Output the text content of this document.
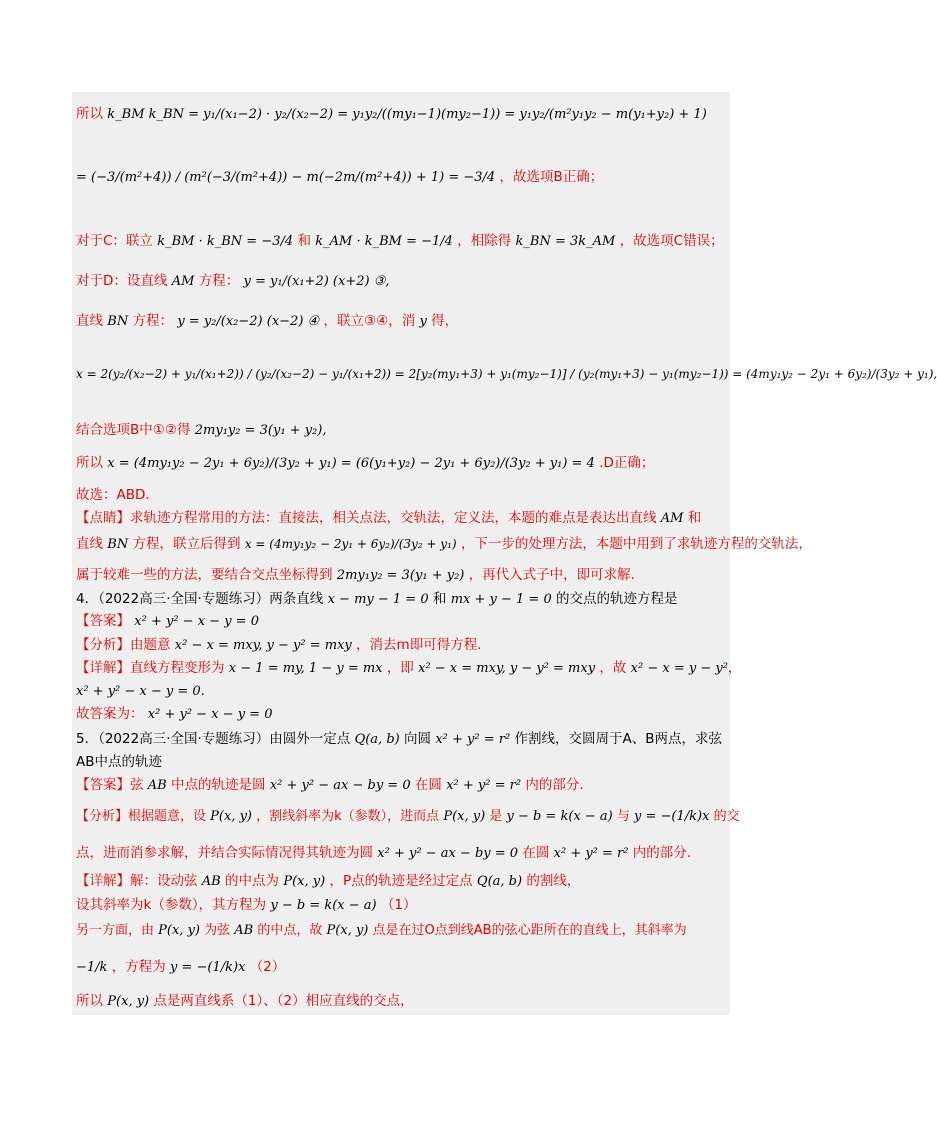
所以 k_BM k_BN = y₁/(x₁−2) · y₂/(x₂−2) = y₁y₂/((my₁−1)(my₂−1)) = y₁y₂/(m²y₁y₂ − m(y₁+y₂) + 1)
= (−3/(m²+4)) / (m²(−3/(m²+4)) − m(−2m/(m²+4)) + 1) = −3/4 ，故选项B正确；
对于C：联立 k_BM · k_BN = −3/4 和 k_AM · k_BM = −1/4 ，相除得 k_BN = 3k_AM ，故选项C错误；
对于D：设直线 AM 方程： y = y₁/(x₁+2) (x+2) ③,
直线 BN 方程： y = y₂/(x₂−2) (x−2) ④ ，联立③④，消 y 得，
x = 2(y₂/(x₂−2) + y₁/(x₁+2)) / (y₂/(x₂−2) − y₁/(x₁+2)) = 2[y₂(my₁+3) + y₁(my₂−1)] / (y₂(my₁+3) − y₁(my₂−1)) = (4my₁y₂ − 2y₁ + 6y₂)/(3y₂ + y₁),
结合选项B中①②得 2my₁y₂ = 3(y₁ + y₂),
所以 x = (4my₁y₂ − 2y₁ + 6y₂)/(3y₂ + y₁) = (6(y₁+y₂) − 2y₁ + 6y₂)/(3y₂ + y₁) = 4 .D正确；
故选：ABD.
【点睛】求轨迹方程常用的方法：直接法，相关点法，交轨法，定义法，本题的难点是表达出直线 AM 和
直线 BN 方程，联立后得到 x = (4my₁y₂ − 2y₁ + 6y₂)/(3y₂ + y₁) ，下一步的处理方法，本题中用到了求轨迹方程的交轨法，
属于较难一些的方法，要结合交点坐标得到 2my₁y₂ = 3(y₁ + y₂) ，再代入式子中，即可求解.
4．（2022高三·全国·专题练习）两条直线 x − my − 1 = 0 和 mx + y − 1 = 0 的交点的轨迹方程是
【答案】 x² + y² − x − y = 0
【分析】由题意 x² − x = mxy, y − y² = mxy ，消去m即可得方程.
【详解】直线方程变形为 x − 1 = my, 1 − y = mx ，即 x² − x = mxy, y − y² = mxy ，故 x² − x = y − y²，
x² + y² − x − y = 0.
故答案为： x² + y² − x − y = 0
5．（2022高三·全国·专题练习）由圆外一定点 Q(a, b) 向圆 x² + y² = r² 作割线，交圆周于A、B两点，求弦
AB中点的轨迹
【答案】弦 AB 中点的轨迹是圆 x² + y² − ax − by = 0 在圆 x² + y² = r² 内的部分.
【分析】根据题意，设 P(x, y) ，割线斜率为k（参数），进而点 P(x, y) 是 y − b = k(x − a) 与 y = −(1/k)x 的交
点，进而消参求解，并结合实际情况得其轨迹为圆 x² + y² − ax − by = 0 在圆 x² + y² = r² 内的部分.
【详解】解：设动弦 AB 的中点为 P(x, y) ，P点的轨迹是经过定点 Q(a, b) 的割线，
设其斜率为k（参数），其方程为 y − b = k(x − a) （1）
另一方面，由 P(x, y) 为弦 AB 的中点，故 P(x, y) 点是在过O点到线AB的弦心距所在的直线上，其斜率为
−1/k ，方程为 y = −(1/k)x （2）
所以 P(x, y) 点是两直线系（1）、（2）相应直线的交点，
